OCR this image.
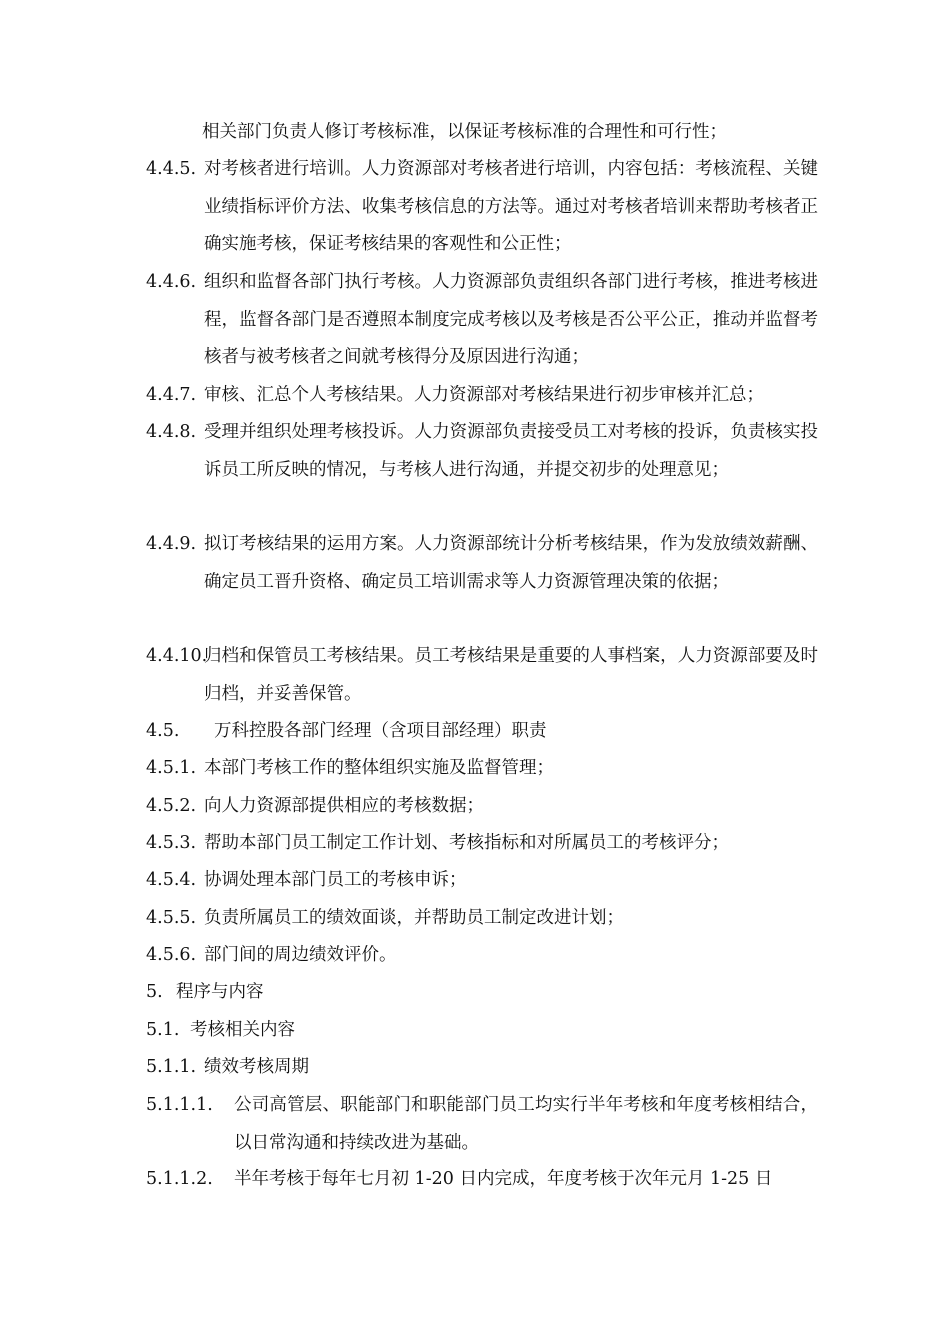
相关部门负责人修订考核标准，以保证考核标准的合理性和可行性；
4.4.5. 对考核者进行培训。人力资源部对考核者进行培训，内容包括：考核流程、关键业绩指标评价方法、收集考核信息的方法等。通过对考核者培训来帮助考核者正确实施考核，保证考核结果的客观性和公正性；
4.4.6. 组织和监督各部门执行考核。人力资源部负责组织各部门进行考核，推进考核进程，监督各部门是否遵照本制度完成考核以及考核是否公平公正，推动并监督考核者与被考核者之间就考核得分及原因进行沟通；
4.4.7. 审核、汇总个人考核结果。人力资源部对考核结果进行初步审核并汇总；
4.4.8. 受理并组织处理考核投诉。人力资源部负责接受员工对考核的投诉，负责核实投诉员工所反映的情况，与考核人进行沟通，并提交初步的处理意见；
4.4.9. 拟订考核结果的运用方案。人力资源部统计分析考核结果，作为发放绩效薪酬、确定员工晋升资格、确定员工培训需求等人力资源管理决策的依据；
4.4.10.
归档和保管员工考核结果。员工考核结果是重要的人事档案，人力资源部要及时归档，并妥善保管。
4.5.	万科控股各部门经理（含项目部经理）职责
4.5.1. 本部门考核工作的整体组织实施及监督管理；
4.5.2. 向人力资源部提供相应的考核数据；
4.5.3. 帮助本部门员工制定工作计划、考核指标和对所属员工的考核评分；
4.5.4. 协调处理本部门员工的考核申诉；
4.5.5. 负责所属员工的绩效面谈，并帮助员工制定改进计划；
4.5.6. 部门间的周边绩效评价。
5. 程序与内容
5.1. 考核相关内容
5.1.1. 绩效考核周期
5.1.1.1.	公司高管层、职能部门和职能部门员工均实行半年考核和年度考核相结合，以日常沟通和持续改进为基础。
5.1.1.2.	半年考核于每年七月初 1-20 日内完成，年度考核于次年元月 1-25 日
